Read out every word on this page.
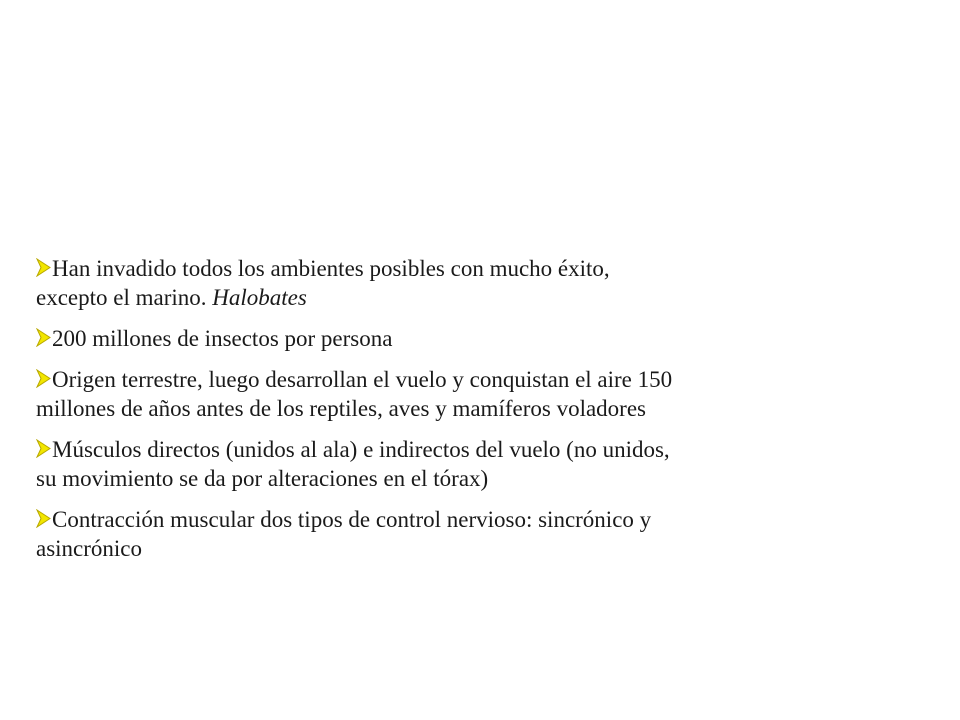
Han invadido todos los ambientes posibles con mucho éxito, excepto el marino. Halobates
200 millones de insectos por persona
Origen terrestre, luego desarrollan el vuelo y conquistan el aire 150 millones de años antes de los reptiles, aves y mamíferos voladores
Músculos directos (unidos al ala) e indirectos del vuelo (no unidos, su movimiento se da por alteraciones en el tórax)
Contracción muscular dos tipos de control nervioso: sincrónico y asincrónico
